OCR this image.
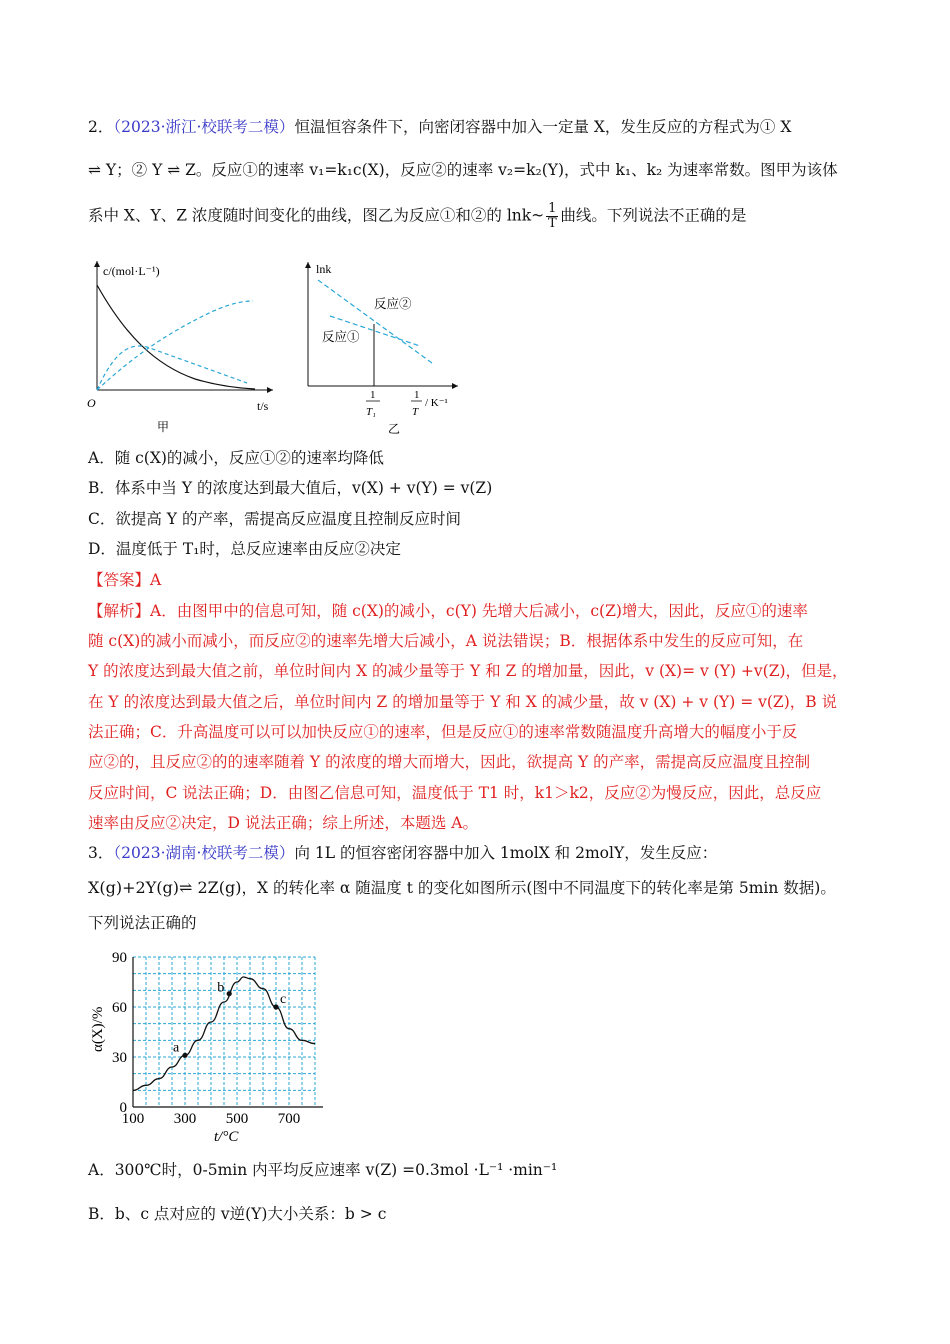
2．（2023·浙江·校联考二模）恒温恒容条件下，向密闭容器中加入一定量 X，发生反应的方程式为① X
⇌ Y；② Y ⇌ Z。反应①的速率 v₁=k₁c(X)，反应②的速率 v₂=k₂(Y)，式中 k₁、k₂ 为速率常数。图甲为该体
系中 X、Y、Z 浓度随时间变化的曲线，图乙为反应①和②的 lnk~ $\frac{1}{T}$ 曲线。下列说法不正确的是
c/(mol·L⁻¹)
O	t/s
甲
lnk
反应②
反应①
1
T₁
1
T
/ K⁻¹
乙
A．随 c(X)的减小，反应①②的速率均降低
B．体系中当 Y 的浓度达到最大值后，v(X) + v(Y) = v(Z)
C．欲提高 Y 的产率，需提高反应温度且控制反应时间
D．温度低于 T₁时，总反应速率由反应②决定
【答案】A
【解析】A．由图甲中的信息可知，随 c(X)的减小，c(Y) 先增大后减小，c(Z)增大，因此，反应①的速率
随 c(X)的减小而减小，而反应②的速率先增大后减小，A 说法错误；B．根据体系中发生的反应可知，在
Y 的浓度达到最大值之前，单位时间内 X 的减少量等于 Y 和 Z 的增加量，因此，v (X)= v (Y) +v(Z)，但是，
在 Y 的浓度达到最大值之后，单位时间内 Z 的增加量等于 Y 和 X 的减少量，故 v (X) + v (Y) = v(Z)，B 说
法正确；C．升高温度可以可以加快反应①的速率，但是反应①的速率常数随温度升高增大的幅度小于反
应②的，且反应②的的速率随着 Y 的浓度的增大而增大，因此，欲提高 Y 的产率，需提高反应温度且控制
反应时间，C 说法正确；D．由图乙信息可知，温度低于 T1 时，k1＞k2，反应②为慢反应，因此，总反应
速率由反应②决定，D 说法正确；综上所述，本题选 A。
3．（2023·湖南·校联考二模）向 1L 的恒容密闭容器中加入 1molX 和 2molY，发生反应：
X(g)+2Y(g)⇌ 2Z(g)，X 的转化率 α 随温度 t 的变化如图所示(图中不同温度下的转化率是第 5min 数据)。
下列说法正确的
100 300 500 700
0
30
60
90
a
b
c
t/°C
α(X)/%
A．300℃时，0-5min 内平均反应速率 v(Z) =0.3mol ·L⁻¹ ·min⁻¹
B．b、c 点对应的 v逆(Y)大小关系：b > c
